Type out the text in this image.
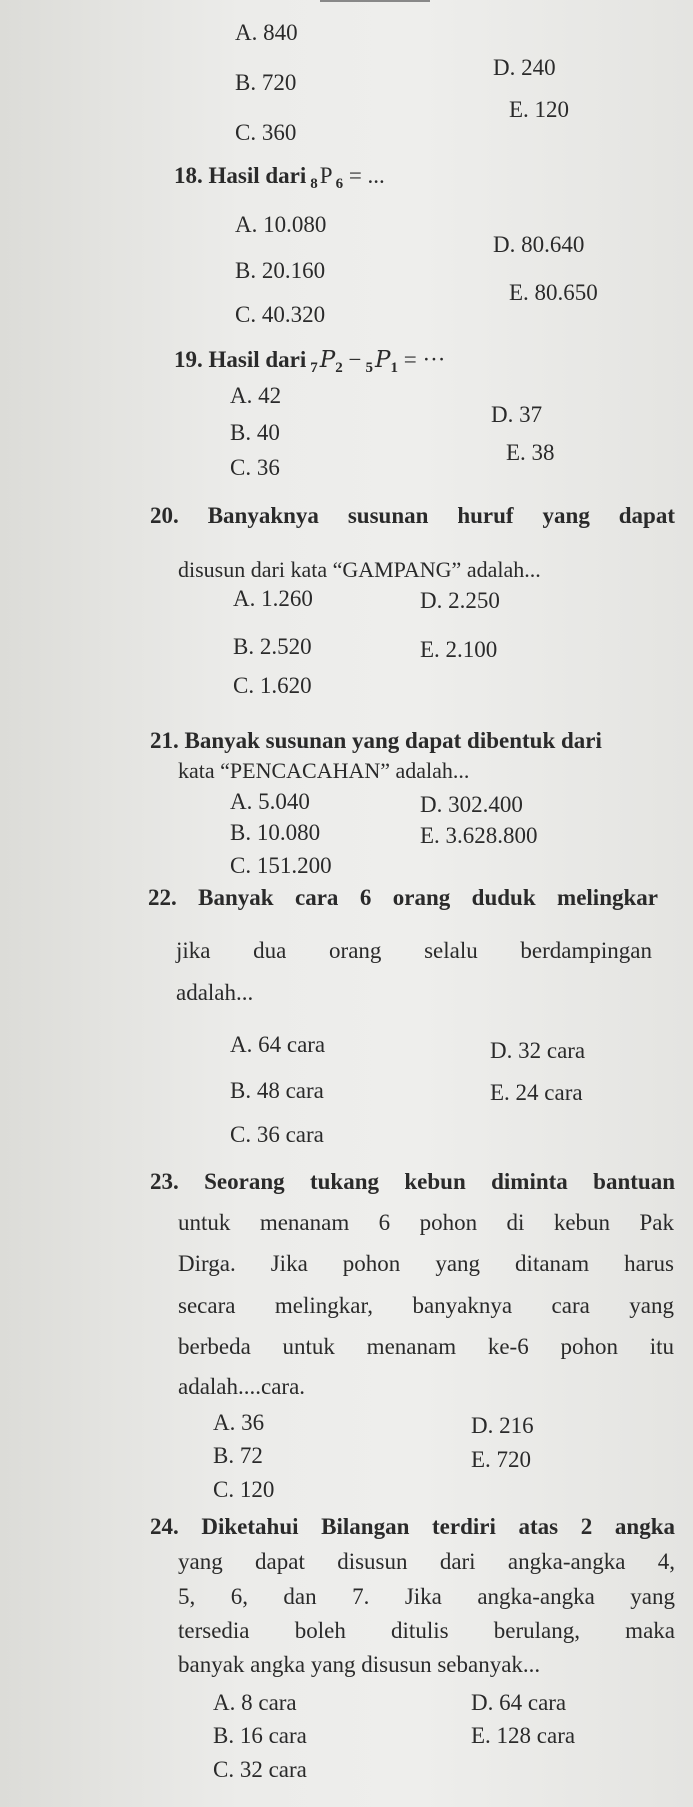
A. 840
B. 720
C. 360
D. 240
E. 120
18. Hasil dari $_8$P $_6$ = ...
A. 10.080
B. 20.160
C. 40.320
D. 80.640
E. 80.650
19. Hasil dari $_7P_2 - _5P_1$ = ···
A. 42
B. 40
C. 36
D. 37
E. 38
20. Banyaknya susunan huruf yang dapat
disusun dari kata “GAMPANG” adalah...
A. 1.260
B. 2.520
C. 1.620
D. 2.250
E. 2.100
21. Banyak susunan yang dapat dibentuk dari
kata “PENCACAHAN” adalah...
A. 5.040
B. 10.080
C. 151.200
D. 302.400
E. 3.628.800
22. Banyak cara 6 orang duduk melingkar
jika dua orang selalu berdampingan
adalah...
A. 64 cara
B. 48 cara
C. 36 cara
D. 32 cara
E. 24 cara
23. Seorang tukang kebun diminta bantuan
untuk menanam 6 pohon di kebun Pak
Dirga. Jika pohon yang ditanam harus
secara melingkar, banyaknya cara yang
berbeda untuk menanam ke-6 pohon itu
adalah....cara.
A. 36
B. 72
C. 120
D. 216
E. 720
24. Diketahui Bilangan terdiri atas 2 angka
yang dapat disusun dari angka-angka 4,
5, 6, dan 7. Jika angka-angka yang
tersedia boleh ditulis berulang, maka
banyak angka yang disusun sebanyak...
A. 8 cara
B. 16 cara
C. 32 cara
D. 64 cara
E. 128 cara
